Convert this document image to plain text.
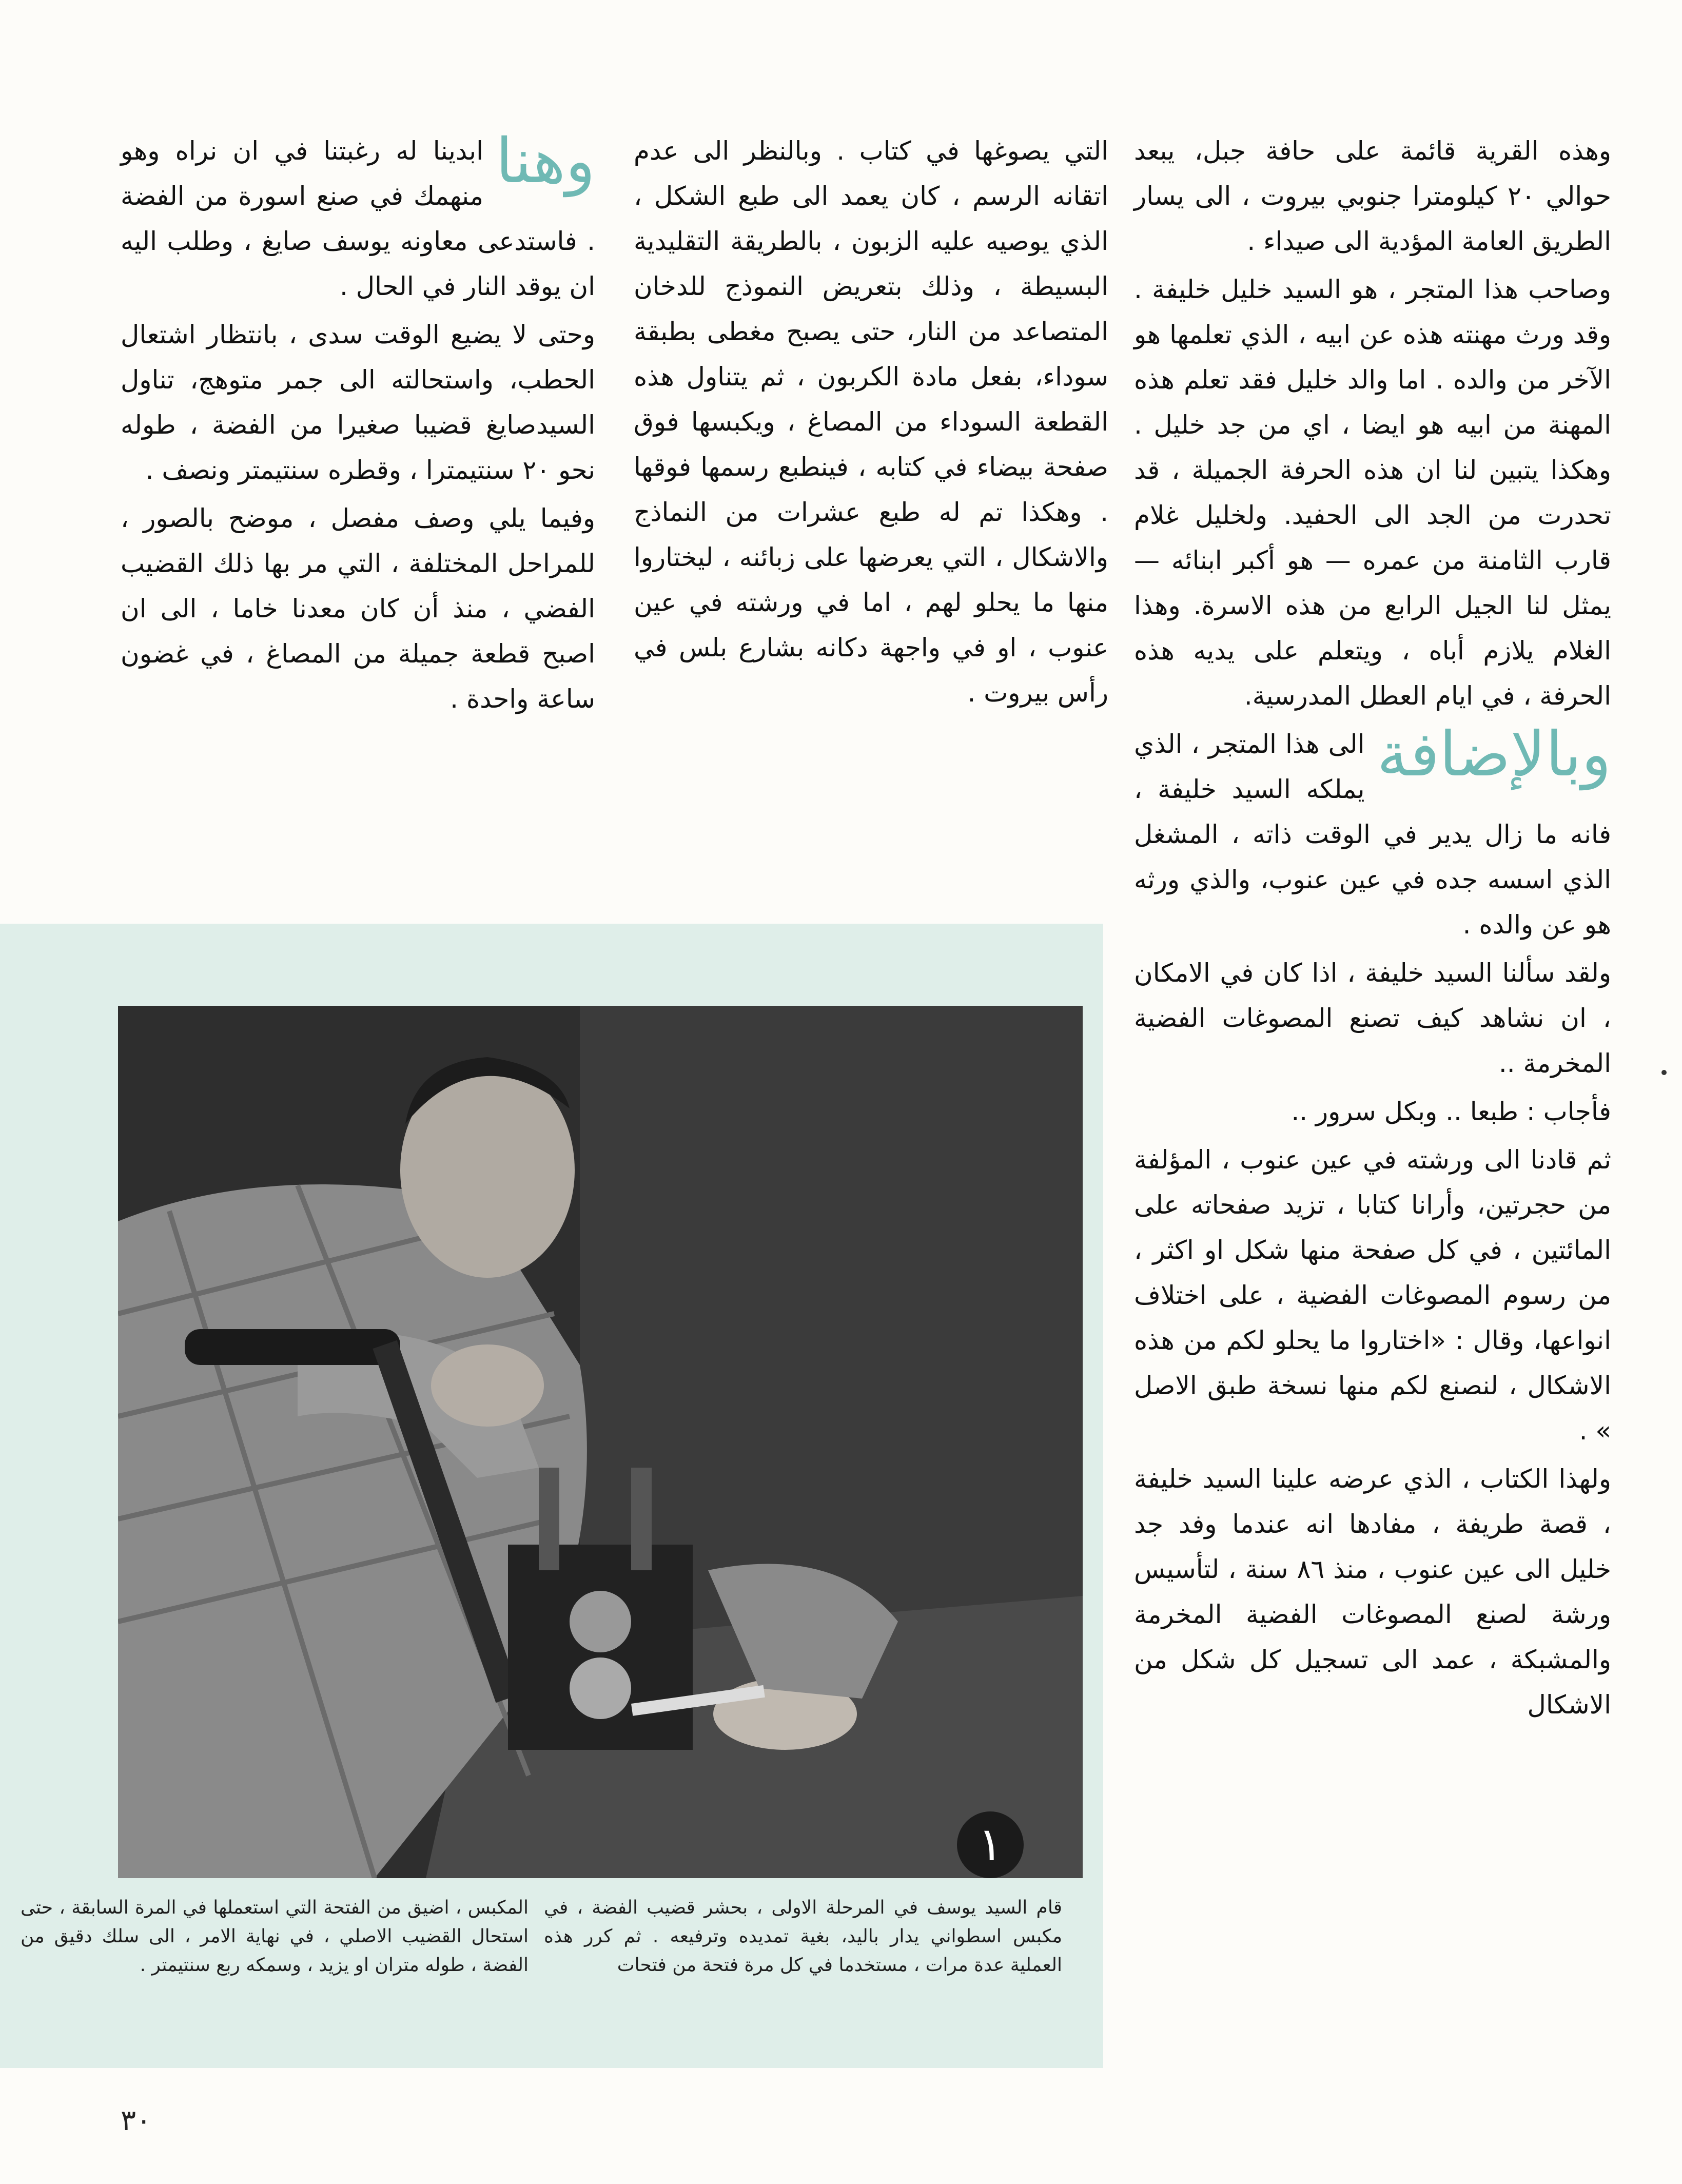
وهذه القرية قائمة على حافة جبل، يبعد حوالي ٢٠ كيلومترا جنوبي بيروت ، الى يسار الطريق العامة المؤدية الى صيداء .

وصاحب هذا المتجر ، هو السيد خليل خليفة . وقد ورث مهنته هذه عن ابيه ، الذي تعلمها هو الآخر من والده . اما والد خليل فقد تعلم هذه المهنة من ابيه هو ايضا ، اي من جد خليل . وهكذا يتبين لنا ان هذه الحرفة الجميلة ، قد تحدرت من الجد الى الحفيد. ولخليل غلام قارب الثامنة من عمره — هو أكبر ابنائه — يمثل لنا الجيل الرابع من هذه الاسرة. وهذا الغلام يلازم أباه ، ويتعلم على يديه هذه الحرفة ، في ايام العطل المدرسية.

وبالإضافة
الى هذا المتجر ، الذي يملكه السيد خليفة ، فانه ما زال يدير في الوقت ذاته ، المشغل الذي اسسه جده في عين عنوب، والذي ورثه هو عن والده .

ولقد سألنا السيد خليفة ، اذا كان في الامكان ، ان نشاهد كيف تصنع المصوغات الفضية المخرمة ..

فأجاب : طبعا .. وبكل سرور ..

ثم قادنا الى ورشته في عين عنوب ، المؤلفة من حجرتين، وأرانا كتابا ، تزيد صفحاته على المائتين ، في كل صفحة منها شكل او اكثر ، من رسوم المصوغات الفضية ، على اختلاف انواعها، وقال : «اختاروا ما يحلو لكم من هذه الاشكال ، لنصنع لكم منها نسخة طبق الاصل » .

ولهذا الكتاب ، الذي عرضه علينا السيد خليفة ، قصة طريفة ، مفادها انه عندما وفد جد خليل الى عين عنوب ، منذ ٨٦ سنة ، لتأسيس ورشة لصنع المصوغات الفضية المخرمة والمشبكة ، عمد الى تسجيل كل شكل من الاشكال

التي يصوغها في كتاب . وبالنظر الى عدم اتقانه الرسم ، كان يعمد الى طبع الشكل ، الذي يوصيه عليه الزبون ، بالطريقة التقليدية البسيطة ، وذلك بتعريض النموذج للدخان المتصاعد من النار، حتى يصبح مغطى بطبقة سوداء، بفعل مادة الكربون ، ثم يتناول هذه القطعة السوداء من المصاغ ، ويكبسها فوق صفحة بيضاء في كتابه ، فينطبع رسمها فوقها . وهكذا تم له طبع عشرات من النماذج والاشكال ، التي يعرضها على زبائنه ، ليختاروا منها ما يحلو لهم ، اما في ورشته في عين عنوب ، او في واجهة دكانه بشارع بلس في رأس بيروت .

وهنا
ابدينا له رغبتنا في ان نراه وهو منهمك في صنع اسورة من الفضة . فاستدعى معاونه يوسف صايغ ، وطلب اليه ان يوقد النار في الحال .

وحتى لا يضيع الوقت سدى ، بانتظار اشتعال الحطب، واستحالته الى جمر متوهج، تناول السيدصايغ قضيبا صغيرا من الفضة ، طوله نحو ٢٠ سنتيمترا ، وقطره سنتيمتر ونصف .

وفيما يلي وصف مفصل ، موضح بالصور ، للمراحل المختلفة ، التي مر بها ذلك القضيب الفضي ، منذ أن كان معدنا خاما ، الى ان اصبح قطعة جميلة من المصاغ ، في غضون ساعة واحدة .

١
قام السيد يوسف في المرحلة الاولى ، بحشر قضيب الفضة ، في مكبس اسطواني يدار باليد، بغية تمديده وترفيعه . ثم كرر هذه العملية عدة مرات ، مستخدما في كل مرة فتحة من فتحات
المكبس ، اضيق من الفتحة التي استعملها في المرة السابقة ، حتى استحال القضيب الاصلي ، في نهاية الامر ، الى سلك دقيق من الفضة ، طوله متران او يزيد ، وسمكه ربع سنتيمتر .
٣٠
